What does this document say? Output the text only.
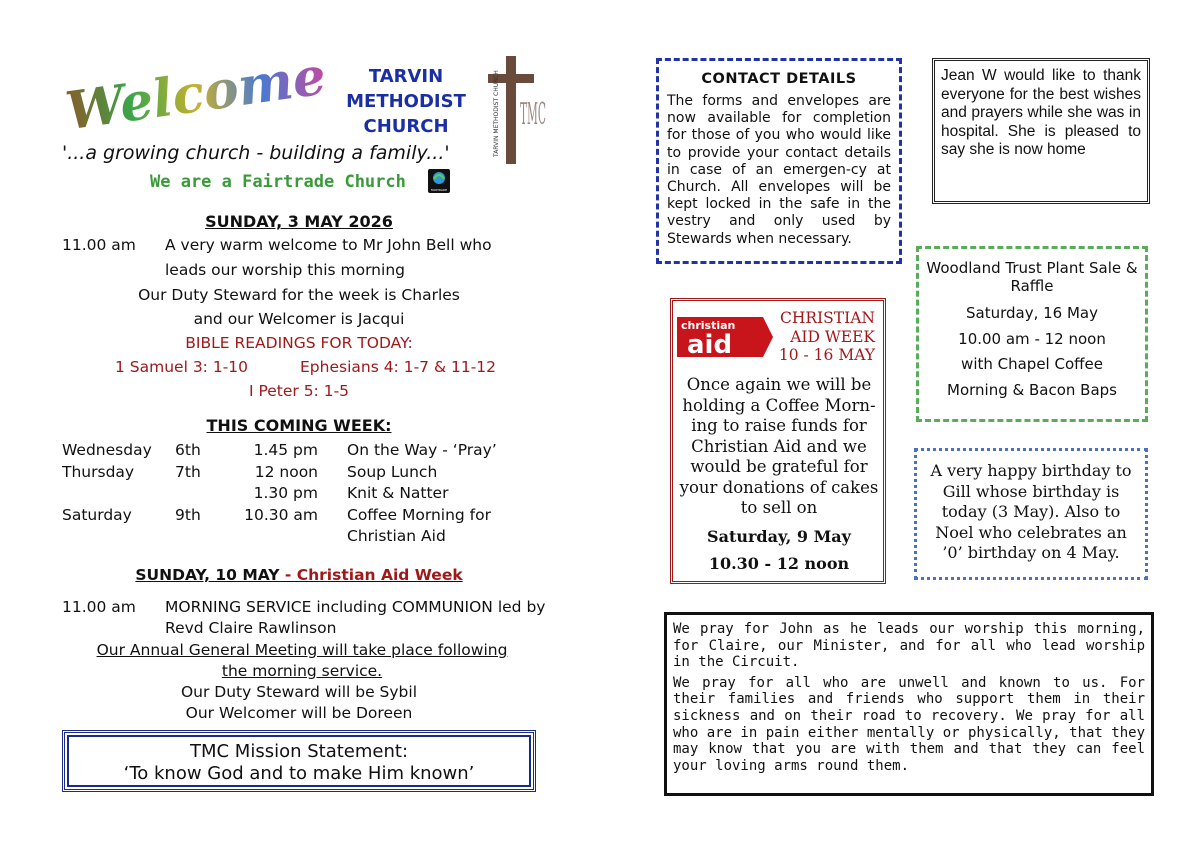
Welcome	TARVIN
METHODIST
CHURCH	TARVIN METHODIST CHURCH TMC
'...a growing church - building a family...'
We are a Fairtrade Church	FAIRTRADE
SUNDAY, 3 MAY 2026
11.00 am A very warm welcome to Mr John Bell who
leads our worship this morning
Our Duty Steward for the week is Charles
and our Welcomer is Jacqui
BIBLE READINGS FOR TODAY:
1 Samuel 3: 1-10	Ephesians 4: 1-7 & 11-12
I Peter 5: 1-5
THIS COMING WEEK:
Wednesday	6th	1.45 pm	On the Way - ‘Pray’
Thursday	7th	12 noon	Soup Lunch
		1.30 pm	Knit & Natter
Saturday	9th	10.30 am	Coffee Morning for Christian Aid
SUNDAY, 10 MAY - Christian Aid Week
11.00 am MORNING SERVICE including COMMUNION led by
Revd Claire Rawlinson
Our Annual General Meeting will take place following the morning service.
Our Duty Steward will be Sybil
Our Welcomer will be Doreen
TMC Mission Statement:
‘To know God and to make Him known’
CONTACT DETAILS
The forms and envelopes are now available for completion for those of you who would like to provide your contact details in case of an emergen-cy at Church. All envelopes will be kept locked in the safe in the vestry and only used by Stewards when necessary.
Jean W would like to thank everyone for the best wishes and prayers while she was in hospital. She is pleased to say she is now home
Woodland Trust Plant Sale & Raffle
Saturday, 16 May
10.00 am - 12 noon
with Chapel Coffee
Morning & Bacon Baps
christian
aid
CHRISTIAN
AID WEEK
10 - 16 MAY
Once again we will be holding a Coffee Morn-ing to raise funds for Christian Aid and we would be grateful for your donations of cakes to sell on
Saturday, 9 May
10.30 - 12 noon
A very happy birthday to Gill whose birthday is today (3 May). Also to Noel who celebrates an ’0’ birthday on 4 May.

We pray for John as he leads our worship this morning, for Claire, our Minister, and for all who lead worship in the Circuit.

We pray for all who are unwell and known to us. For their families and friends who support them in their sickness and on their road to recovery. We pray for all who are in pain either mentally or physically, that they may know that you are with them and that they can feel your loving arms round them.
